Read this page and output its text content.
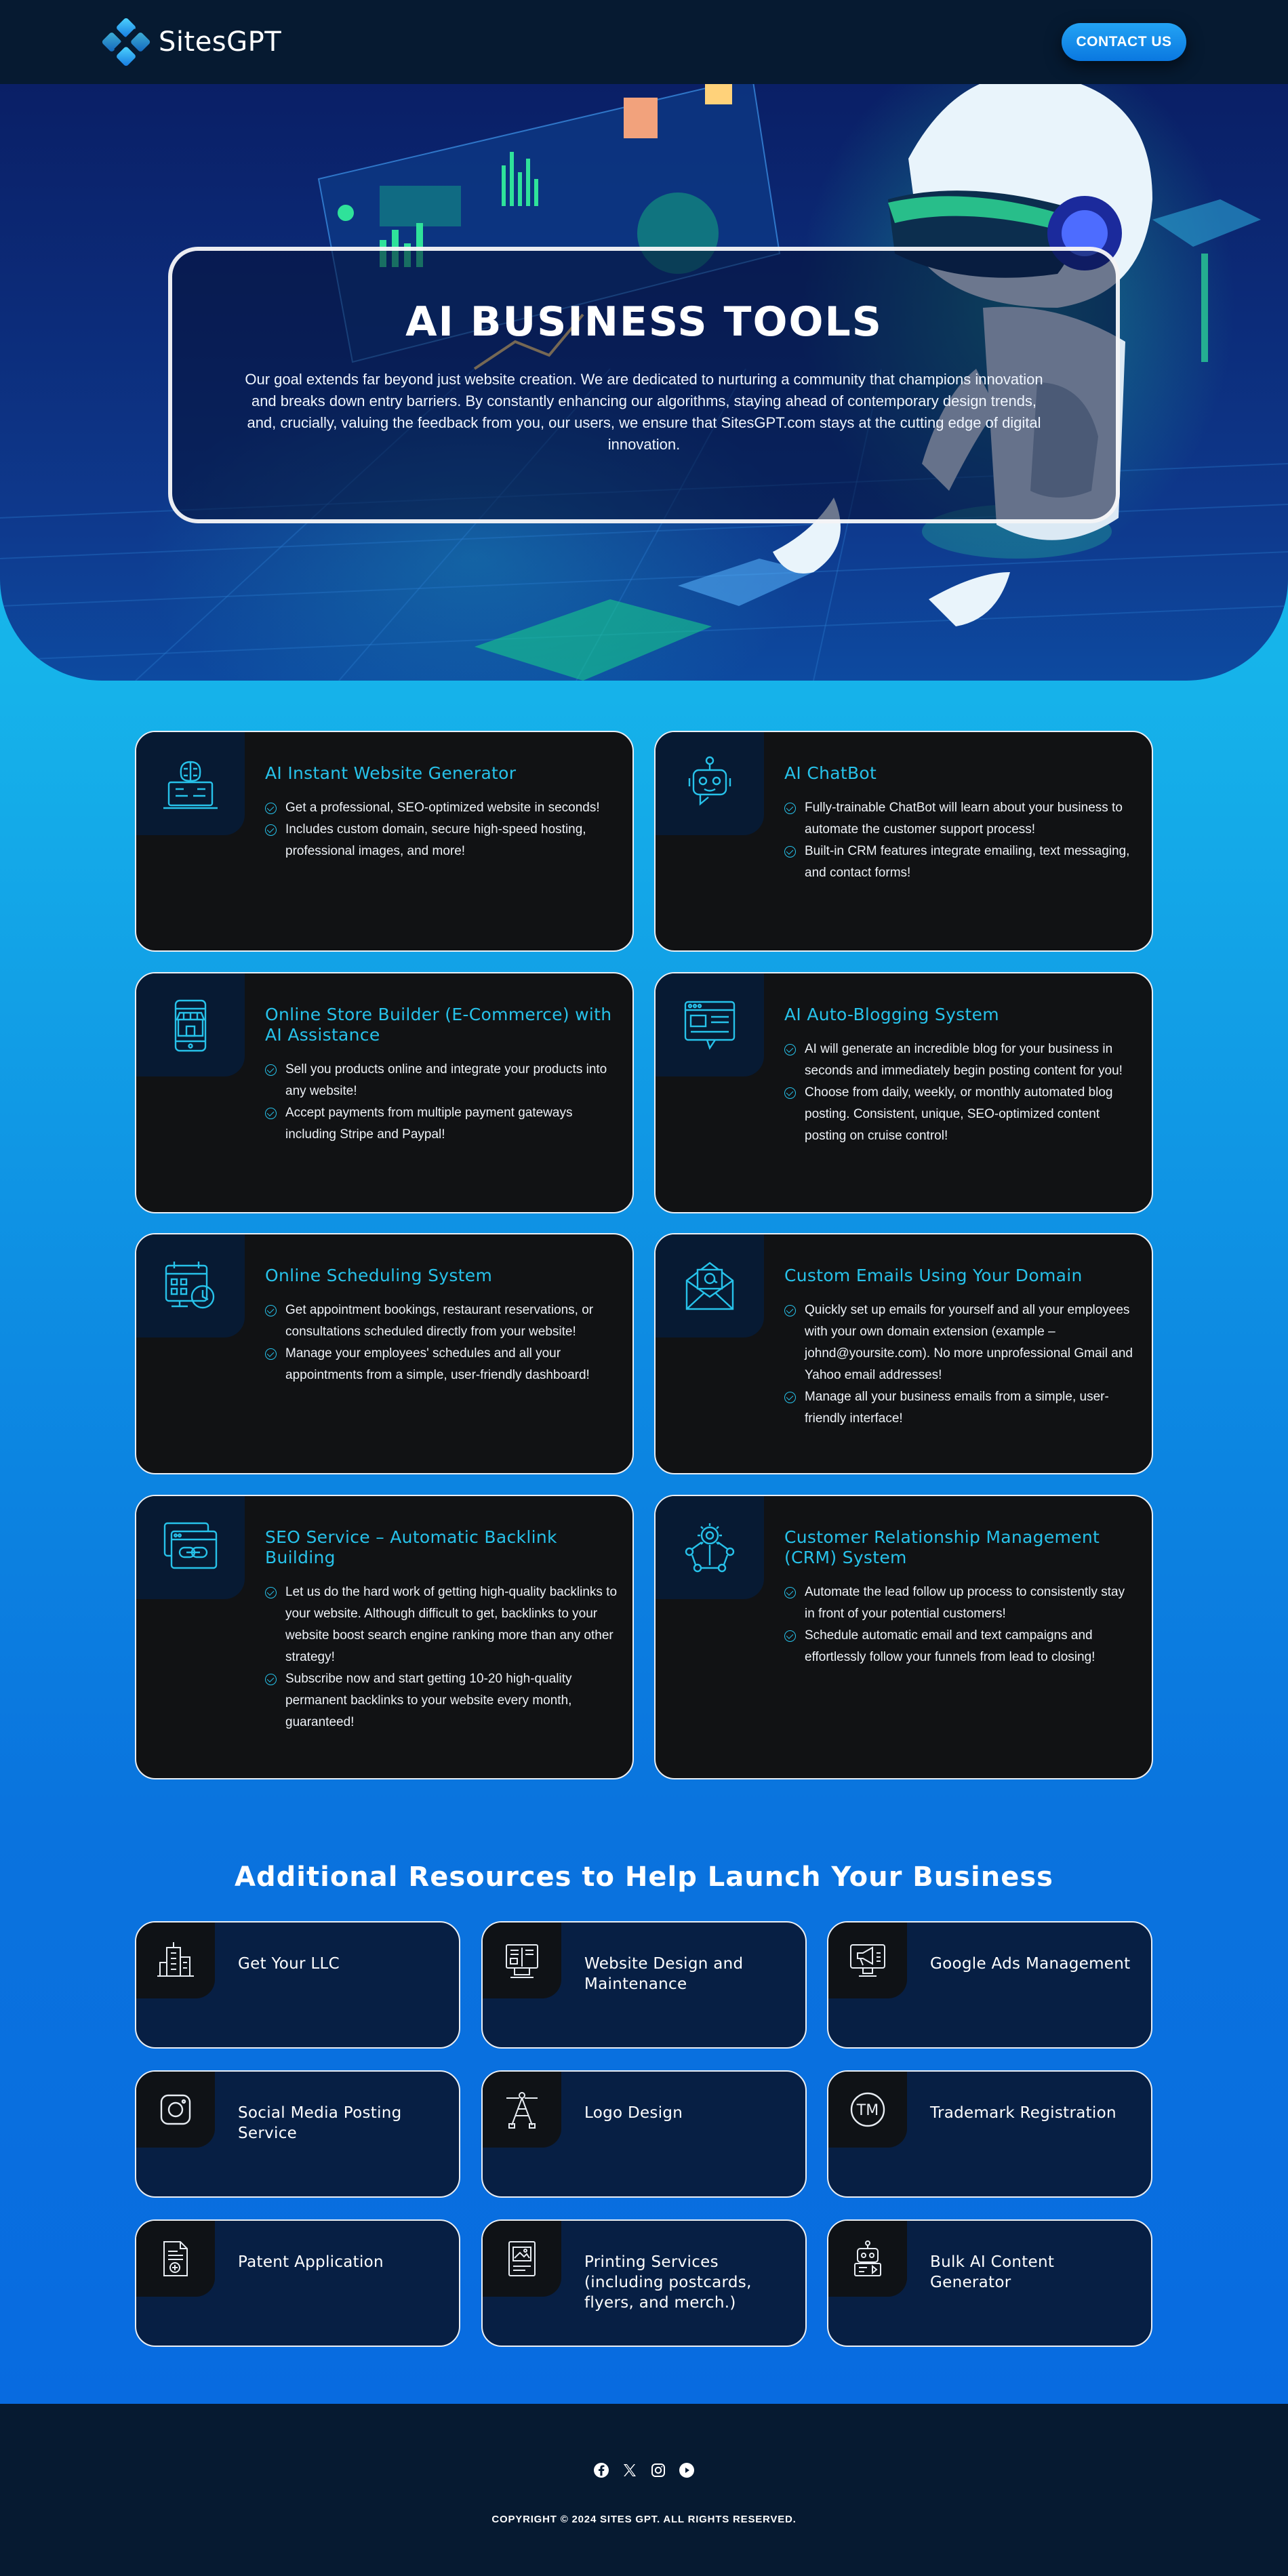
SitesGPT	CONTACT US
AI BUSINESS TOOLS

Our goal extends far beyond just website creation. We are dedicated to nurturing a community that champions innovation and breaks down entry barriers. By constantly enhancing our algorithms, staying ahead of contemporary design trends, and, crucially, valuing the feedback from you, our users, we ensure that SitesGPT.com stays at the cutting edge of digital innovation.

AI Instant Website Generator
Get a professional, SEO-optimized website in seconds!
Includes custom domain, secure high-speed hosting, professional images, and more!
AI ChatBot
Fully-trainable ChatBot will learn about your business to automate the customer support process!
Built-in CRM features integrate emailing, text messaging, and contact forms!
Online Store Builder (E-Commerce) with AI Assistance
Sell you products online and integrate your products into any website!
Accept payments from multiple payment gateways including Stripe and Paypal!
AI Auto-Blogging System
AI will generate an incredible blog for your business in seconds and immediately begin posting content for you!
Choose from daily, weekly, or monthly automated blog posting. Consistent, unique, SEO-optimized content posting on cruise control!
Online Scheduling System
Get appointment bookings, restaurant reservations, or consultations scheduled directly from your website!
Manage your employees' schedules and all your appointments from a simple, user-friendly dashboard!
Custom Emails Using Your Domain
Quickly set up emails for yourself and all your employees with your own domain extension (example – johnd@yoursite.com). No more unprofessional Gmail and Yahoo email addresses!
Manage all your business emails from a simple, user-friendly interface!
SEO Service – Automatic Backlink Building
Let us do the hard work of getting high-quality backlinks to your website. Although difficult to get, backlinks to your website boost search engine ranking more than any other strategy!
Subscribe now and start getting 10-20 high-quality permanent backlinks to your website every month, guaranteed!
Customer Relationship Management (CRM) System
Automate the lead follow up process to consistently stay in front of your potential customers!
Schedule automatic email and text campaigns and effortlessly follow your funnels from lead to closing!
Additional Resources to Help Launch Your Business
Get Your LLC	Website Design and Maintenance
Google Ads Management
Social Media Posting Service
Logo Design	TM	Trademark Registration
Patent Application	Printing Services (including postcards, flyers, and merch.)
Bulk AI Content Generator
COPYRIGHT © 2024 SITES GPT. ALL RIGHTS RESERVED.
